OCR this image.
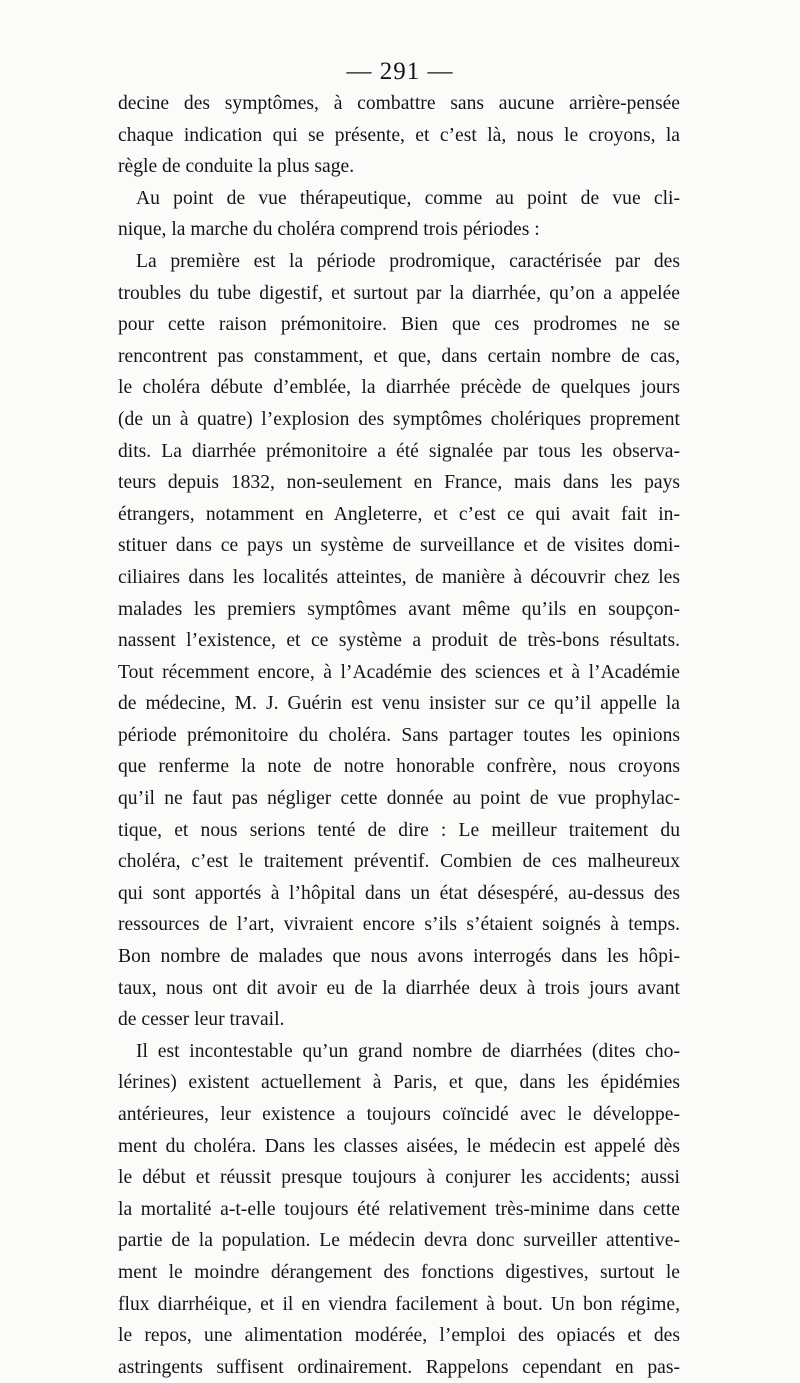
— 291 —
decine des symptômes, à combattre sans aucune arrière-pensée
chaque indication qui se présente, et c’est là, nous le croyons, la
règle de conduite la plus sage.
Au point de vue thérapeutique, comme au point de vue cli-
nique, la marche du choléra comprend trois périodes :
La première est la période prodromique, caractérisée par des
troubles du tube digestif, et surtout par la diarrhée, qu’on a appelée
pour cette raison prémonitoire. Bien que ces prodromes ne se
rencontrent pas constamment, et que, dans certain nombre de cas,
le choléra débute d’emblée, la diarrhée précède de quelques jours
(de un à quatre) l’explosion des symptômes cholériques proprement
dits. La diarrhée prémonitoire a été signalée par tous les observa-
teurs depuis 1832, non-seulement en France, mais dans les pays
étrangers, notamment en Angleterre, et c’est ce qui avait fait in-
stituer dans ce pays un système de surveillance et de visites domi-
ciliaires dans les localités atteintes, de manière à découvrir chez les
malades les premiers symptômes avant même qu’ils en soupçon-
nassent l’existence, et ce système a produit de très-bons résultats.
Tout récemment encore, à l’Académie des sciences et à l’Académie
de médecine, M. J. Guérin est venu insister sur ce qu’il appelle la
période prémonitoire du choléra. Sans partager toutes les opinions
que renferme la note de notre honorable confrère, nous croyons
qu’il ne faut pas négliger cette donnée au point de vue prophylac-
tique, et nous serions tenté de dire : Le meilleur traitement du
choléra, c’est le traitement préventif. Combien de ces malheureux
qui sont apportés à l’hôpital dans un état désespéré, au-dessus des
ressources de l’art, vivraient encore s’ils s’étaient soignés à temps.
Bon nombre de malades que nous avons interrogés dans les hôpi-
taux, nous ont dit avoir eu de la diarrhée deux à trois jours avant
de cesser leur travail.
Il est incontestable qu’un grand nombre de diarrhées (dites cho-
lérines) existent actuellement à Paris, et que, dans les épidémies
antérieures, leur existence a toujours coïncidé avec le développe-
ment du choléra. Dans les classes aisées, le médecin est appelé dès
le début et réussit presque toujours à conjurer les accidents; aussi
la mortalité a-t-elle toujours été relativement très-minime dans cette
partie de la population. Le médecin devra donc surveiller attentive-
ment le moindre dérangement des fonctions digestives, surtout le
flux diarrhéique, et il en viendra facilement à bout. Un bon régime,
le repos, une alimentation modérée, l’emploi des opiacés et des
astringents suffisent ordinairement. Rappelons cependant en pas-
